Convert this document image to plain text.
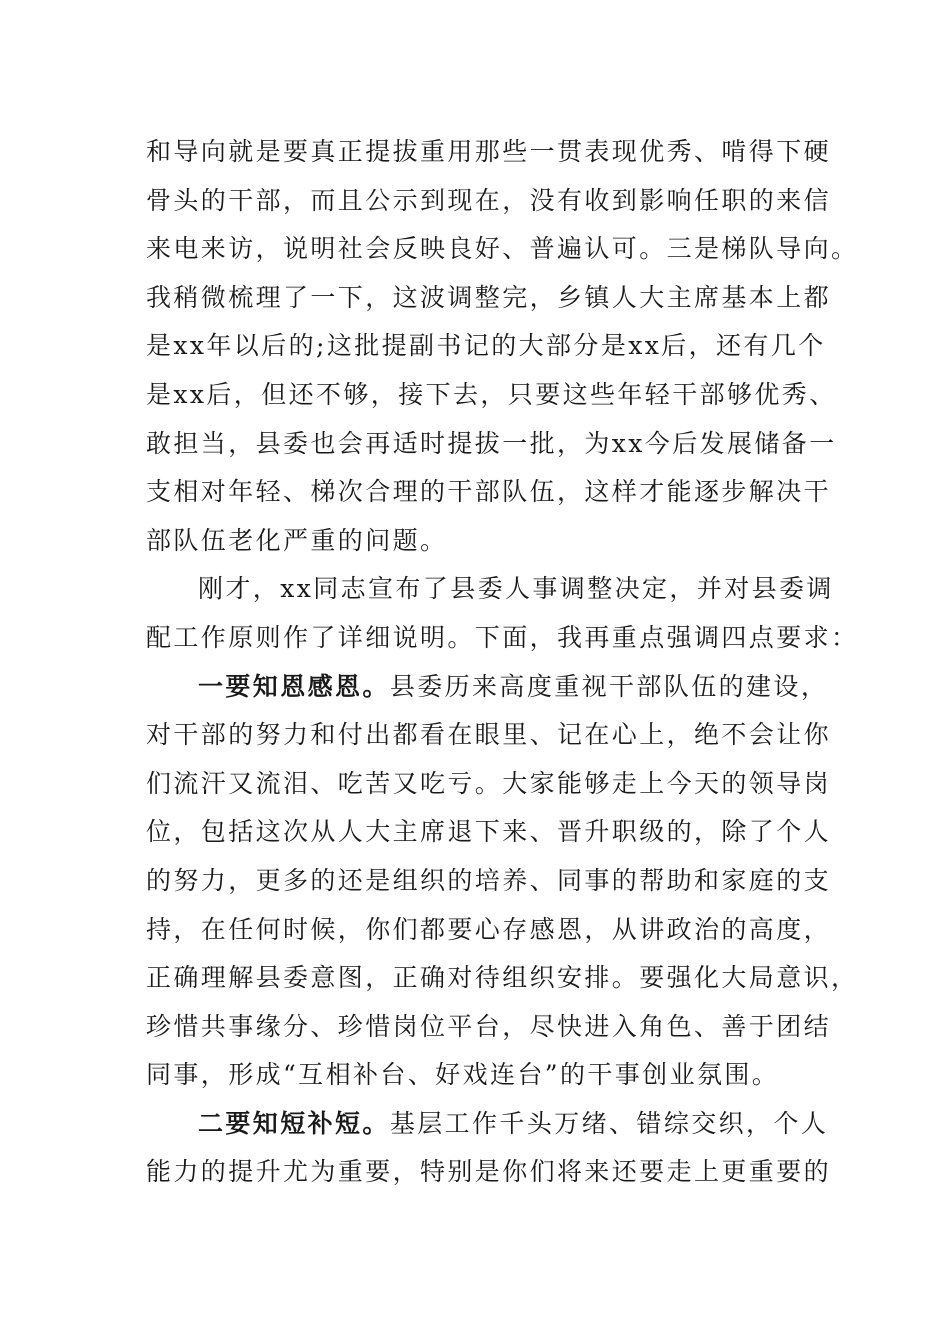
和导向就是要真正提拔重用那些一贯表现优秀、啃得下硬
骨头的干部，而且公示到现在，没有收到影响任职的来信
来电来访，说明社会反映良好、普遍认可。三是梯队导向。
我稍微梳理了一下，这波调整完，乡镇人大主席基本上都
是xx年以后的;这批提副书记的大部分是xx后，还有几个
是xx后，但还不够，接下去，只要这些年轻干部够优秀、
敢担当，县委也会再适时提拔一批，为xx今后发展储备一
支相对年轻、梯次合理的干部队伍，这样才能逐步解决干
部队伍老化严重的问题。
刚才，xx同志宣布了县委人事调整决定，并对县委调
配工作原则作了详细说明。下面，我再重点强调四点要求：
一要知恩感恩。县委历来高度重视干部队伍的建设，
对干部的努力和付出都看在眼里、记在心上，绝不会让你
们流汗又流泪、吃苦又吃亏。大家能够走上今天的领导岗
位，包括这次从人大主席退下来、晋升职级的，除了个人
的努力，更多的还是组织的培养、同事的帮助和家庭的支
持，在任何时候，你们都要心存感恩，从讲政治的高度，
正确理解县委意图，正确对待组织安排。要强化大局意识，
珍惜共事缘分、珍惜岗位平台，尽快进入角色、善于团结
同事，形成“互相补台、好戏连台”的干事创业氛围。
二要知短补短。基层工作千头万绪、错综交织，个人
能力的提升尤为重要，特别是你们将来还要走上更重要的
